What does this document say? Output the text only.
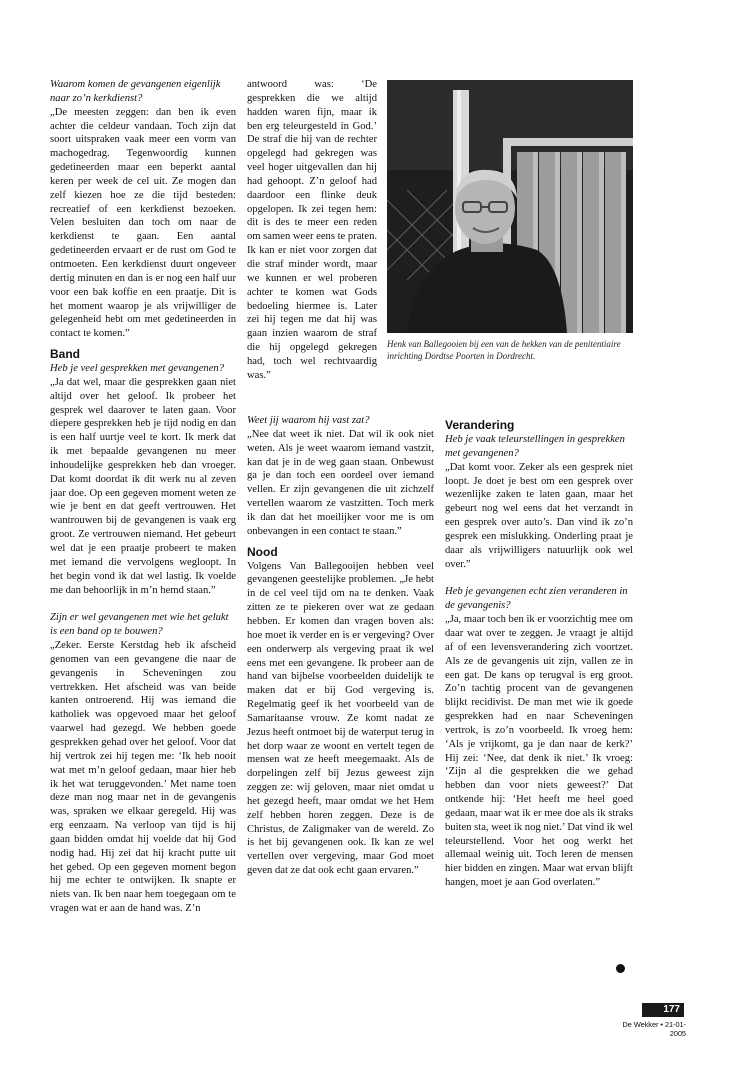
Waarom komen de gevangenen eigenlijk naar zo’n kerkdienst?

„De meesten zeggen: dan ben ik even achter die celdeur vandaan. Toch zijn dat soort uitspraken vaak meer een vorm van machogedrag. Tegenwoordig kunnen gedetineerden maar een beperkt aantal keren per week de cel uit. Ze mogen dan zelf kiezen hoe ze die tijd besteden: recreatief of een kerkdienst bezoeken. Velen besluiten dan toch om naar de kerkdienst te gaan. Een aantal gedetineerden ervaart er de rust om God te ontmoeten. Een kerkdienst duurt ongeveer dertig minuten en dan is er nog een half uur voor een bak koffie en een praatje. Dit is het moment waarop je als vrijwilliger de gelegenheid hebt om met gedetineerden in contact te komen.”

Band

Heb je veel gesprekken met gevangenen?

„Ja dat wel, maar die gesprekken gaan niet altijd over het geloof. Ik probeer het gesprek wel daarover te laten gaan. Voor diepere gesprekken heb je tijd nodig en dan is een half uurtje veel te kort. Ik merk dat ik met bepaalde gevangenen nu meer inhoudelijke gesprekken heb dan vroeger. Dat komt doordat ik dit werk nu al zeven jaar doe. Op een gegeven moment weten ze wie je bent en dat geeft vertrouwen. Het wantrouwen bij de gevangenen is vaak erg groot. Ze vertrouwen niemand. Het gebeurt wel dat je een praatje probeert te maken met iemand die vervolgens wegloopt. In het begin vond ik dat wel lastig. Ik voelde me dan behoorlijk in m’n hemd staan.”

Zijn er wel gevangenen met wie het gelukt is een band op te bouwen?

„Zeker. Eerste Kerstdag heb ik afscheid genomen van een gevangene die naar de gevangenis in Scheveningen zou vertrekken. Het afscheid was van beide kanten ontroerend. Hij was iemand die katholiek was opgevoed maar het geloof vaarwel had gezegd. We hebben goede gesprekken gehad over het geloof. Voor dat hij vertrok zei hij tegen me: ‘Ik heb nooit wat met m’n geloof gedaan, maar hier heb ik het wat teruggevonden.’ Met name toen deze man nog maar net in de gevangenis was, spraken we elkaar geregeld. Hij was erg eenzaam. Na verloop van tijd is hij gaan bidden omdat hij voelde dat hij God nodig had. Hij zei dat hij kracht putte uit het gebed. Op een gegeven moment begon hij me echter te ontwijken. Ik snapte er niets van. Ik ben naar hem toegegaan om te vragen wat er aan de hand was. Z’n

antwoord was: ‘De gesprekken die we altijd hadden waren fijn, maar ik ben erg teleurgesteld in God.’ De straf die hij van de rechter opgelegd had gekregen was veel hoger uitgevallen dan hij had gehoopt. Z’n geloof had daardoor een flinke deuk opgelopen. Ik zei tegen hem: dit is des te meer een reden om samen weer eens te praten. Ik kan er niet voor zorgen dat die straf minder wordt, maar we kunnen er wel proberen achter te komen wat Gods bedoeling hiermee is. Later zei hij tegen me dat hij was gaan inzien waarom de straf die hij opgelegd gekregen had, toch wel rechtvaardig was.”

Henk van Ballegooien bij een van de hekken van de penitentiaire inrichting Dordtse Poorten in Dordrecht.

Weet jij waarom hij vast zat?

„Nee dat weet ik niet. Dat wil ik ook niet weten. Als je weet waarom iemand vastzit, kan dat je in de weg gaan staan. Onbewust ga je dan toch een oordeel over iemand vellen. Er zijn gevangenen die uit zichzelf vertellen waarom ze vastzitten. Toch merk ik dan dat het moeilijker voor me is om onbevangen in een contact te staan.”

Nood

Volgens Van Ballegooijen hebben veel gevangenen geestelijke problemen. „Je hebt in de cel veel tijd om na te denken. Vaak zitten ze te piekeren over wat ze gedaan hebben. Er komen dan vragen boven als: hoe moet ik verder en is er vergeving? Over een onderwerp als vergeving praat ik wel eens met een gevangene. Ik probeer aan de hand van bijbelse voorbeelden duidelijk te maken dat er bij God vergeving is. Regelmatig geef ik het voorbeeld van de Samaritaanse vrouw. Ze komt nadat ze Jezus heeft ontmoet bij de waterput terug in het dorp waar ze woont en vertelt tegen de mensen wat ze heeft meegemaakt. Als de dorpelingen zelf bij Jezus geweest zijn zeggen ze: wij geloven, maar niet omdat u het gezegd heeft, maar omdat we het Hem zelf hebben horen zeggen. Deze is de Christus, de Zaligmaker van de wereld. Zo is het bij gevangenen ook. Ik kan ze wel vertellen over vergeving, maar God moet geven dat ze dat ook echt gaan ervaren.”

Verandering

Heb je vaak teleurstellingen in gesprekken met gevangenen?

„Dat komt voor. Zeker als een gesprek niet loopt. Je doet je best om een gesprek over wezenlijke zaken te laten gaan, maar het gebeurt nog wel eens dat het verzandt in een gesprek over auto’s. Dan vind ik zo’n gesprek een mislukking. Onderling praat je daar als vrijwilligers natuurlijk ook wel over.”

Heb je gevangenen echt zien veranderen in de gevangenis?

„Ja, maar toch ben ik er voorzichtig mee om daar wat over te zeggen. Je vraagt je altijd af of een levensverandering zich voortzet. Als ze de gevangenis uit zijn, vallen ze in een gat. De kans op terugval is erg groot. Zo’n tachtig procent van de gevangenen blijkt recidivist. De man met wie ik goede gesprekken had en naar Scheveningen vertrok, is zo’n voorbeeld. Ik vroeg hem: ‘Als je vrijkomt, ga je dan naar de kerk?’ Hij zei: ‘Nee, dat denk ik niet.’ Ik vroeg: ‘Zijn al die gesprekken die we gehad hebben dan voor niets geweest?’ Dat ontkende hij: ‘Het heeft me heel goed gedaan, maar wat ik er mee doe als ik straks buiten sta, weet ik nog niet.’ Dat vind ik wel teleurstellend. Voor het oog werkt het allemaal weinig uit. Toch leren de mensen hier bidden en zingen. Maar wat ervan blijft hangen, moet je aan God overlaten.”

177
De Wekker • 21-01-2005
